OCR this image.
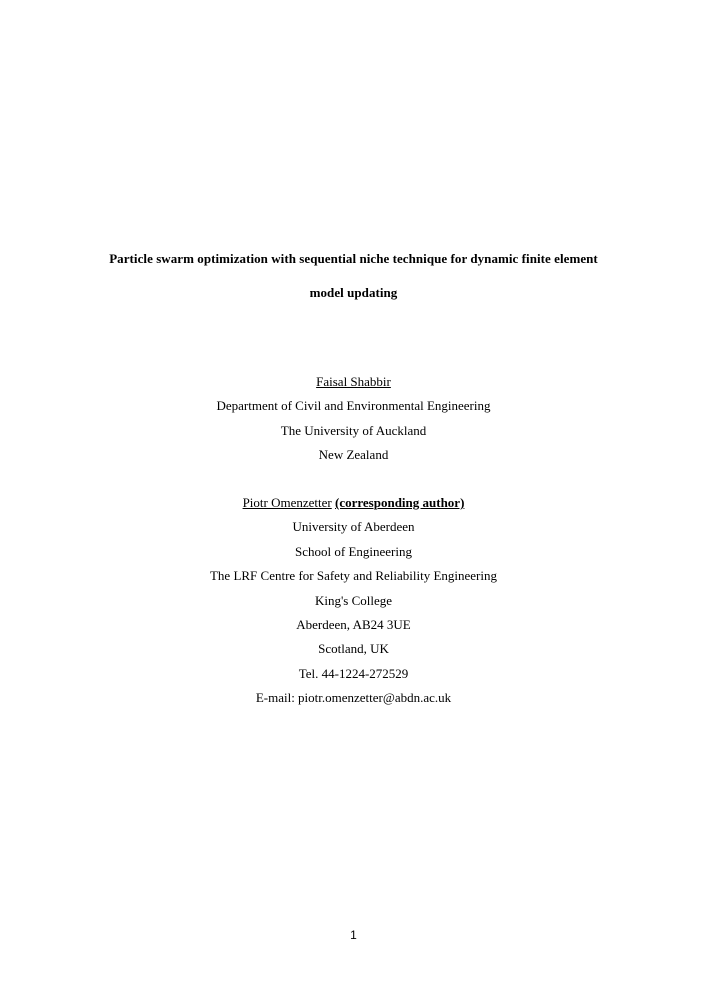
Particle swarm optimization with sequential niche technique for dynamic finite element
model updating
Faisal Shabbir
Department of Civil and Environmental Engineering
The University of Auckland
New Zealand
Piotr Omenzetter (corresponding author)
University of Aberdeen
School of Engineering
The LRF Centre for Safety and Reliability Engineering
King's College
Aberdeen, AB24 3UE
Scotland, UK
Tel. 44-1224-272529
E-mail: piotr.omenzetter@abdn.ac.uk
1
